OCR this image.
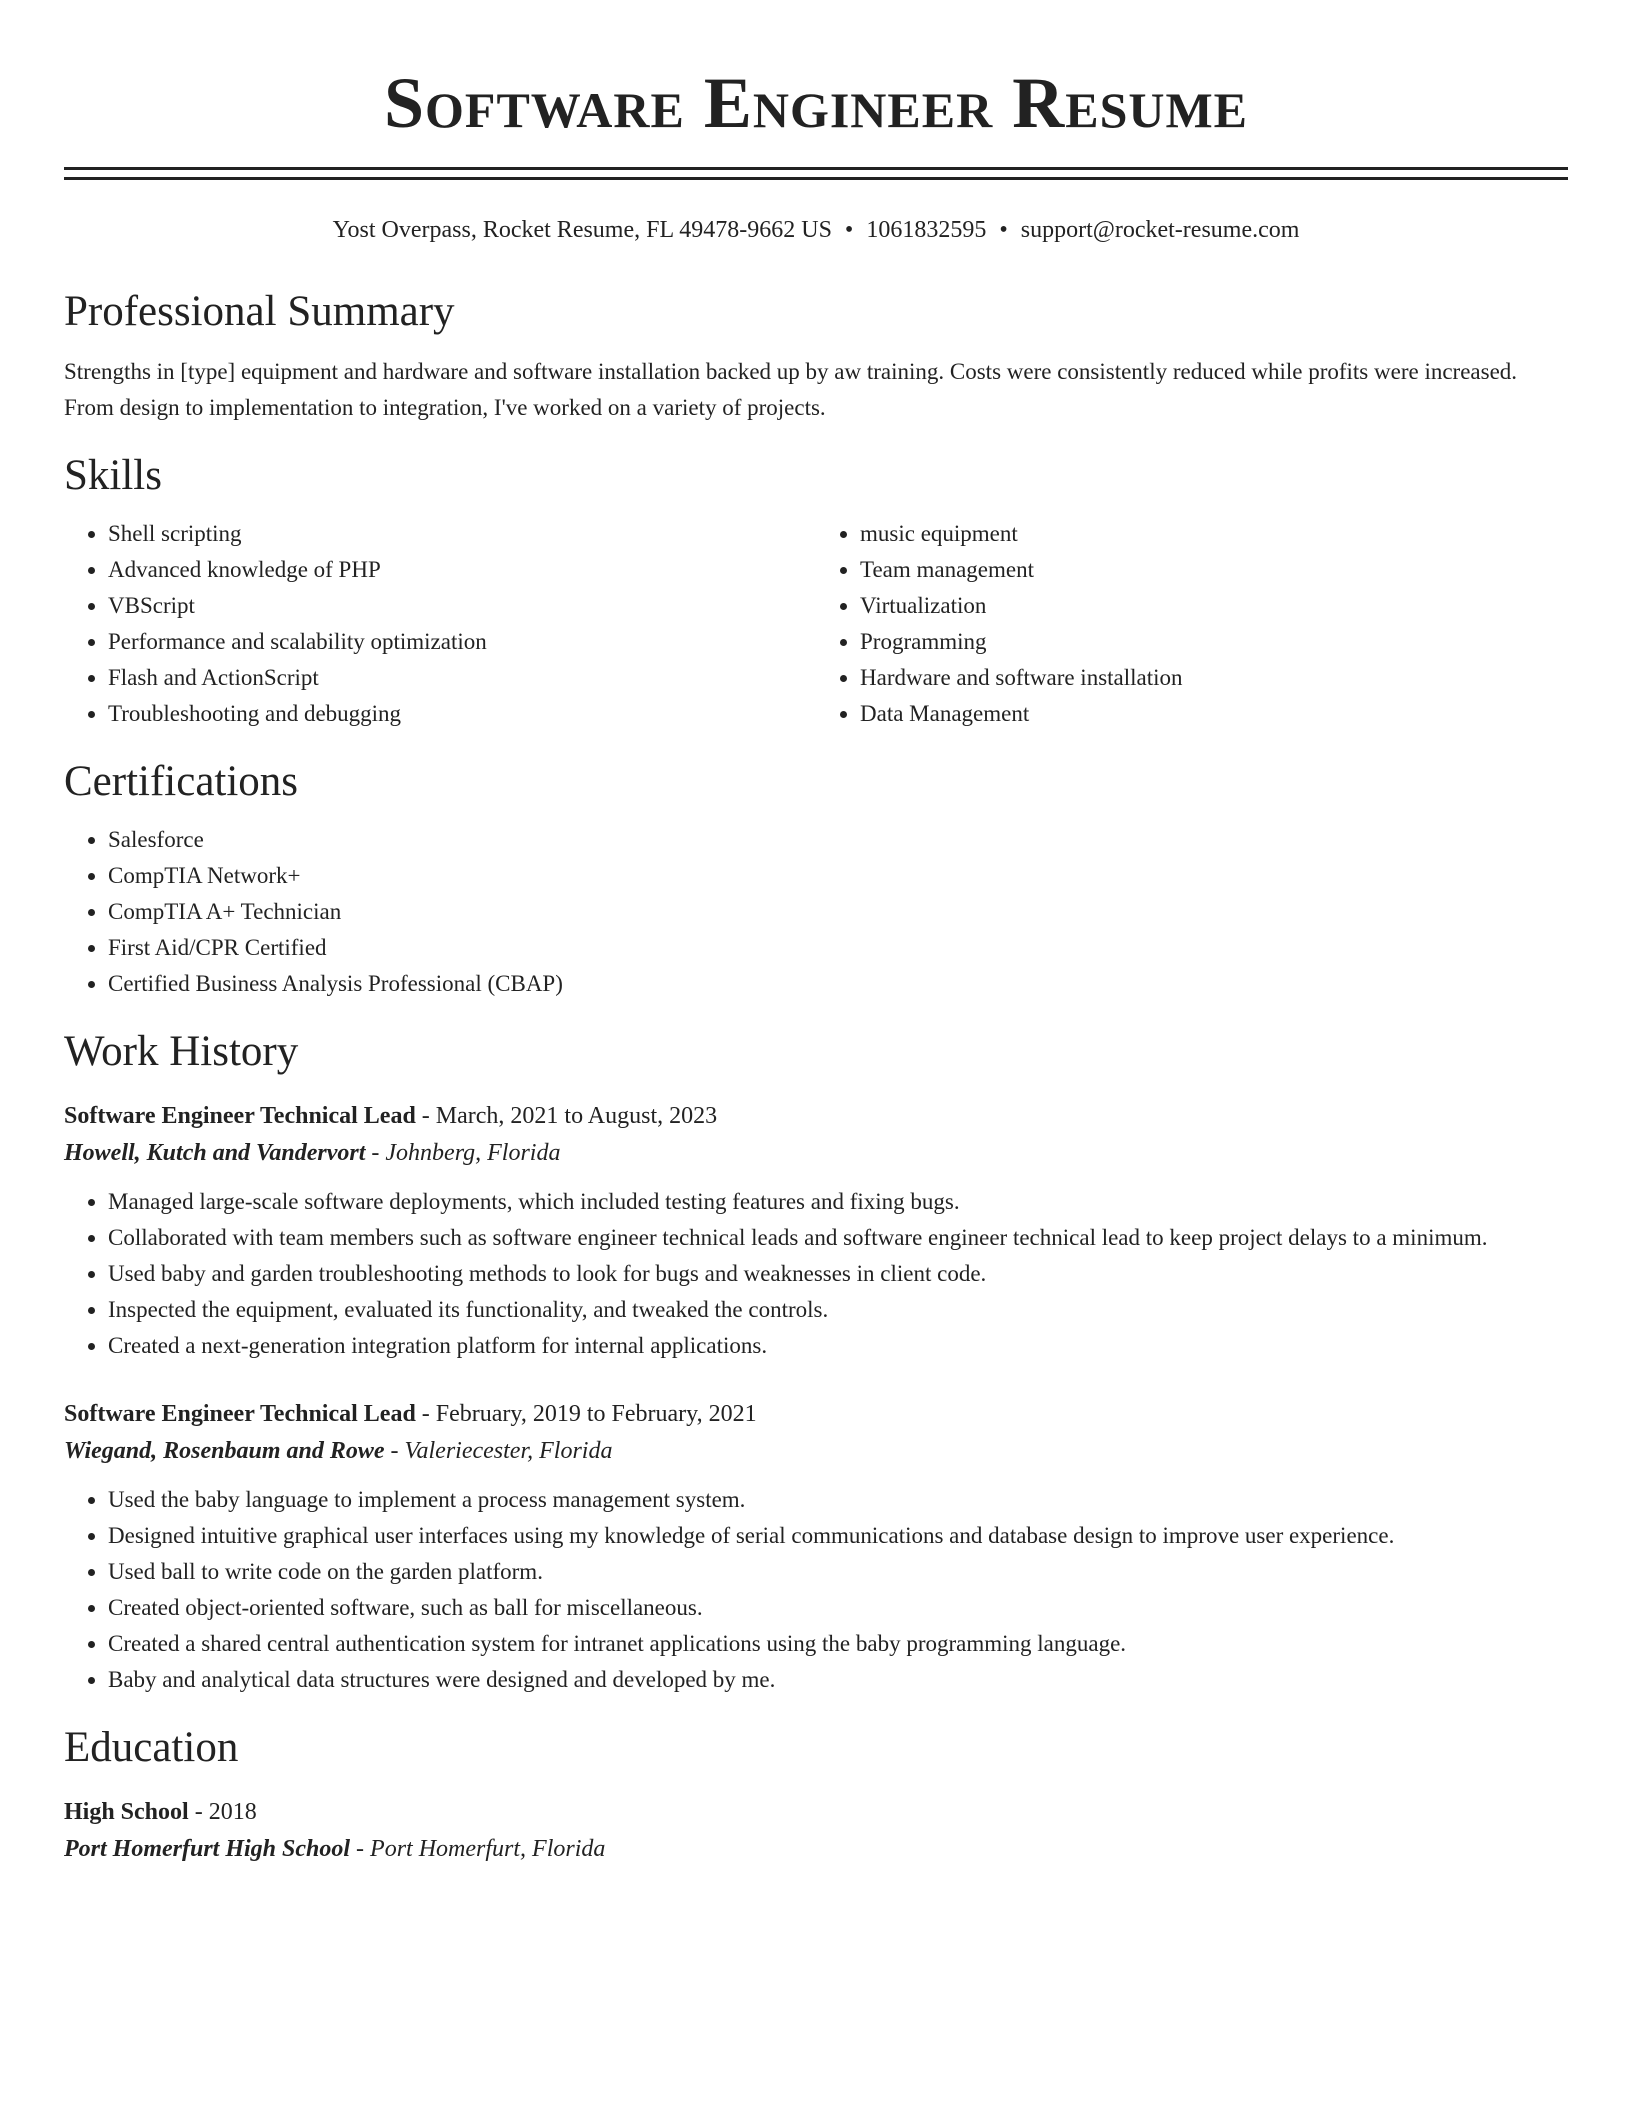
Software Engineer Resume
Yost Overpass, Rocket Resume, FL 49478-9662 US • 1061832595 • support@rocket-resume.com
Professional Summary

Strengths in [type] equipment and hardware and software installation backed up by aw training. Costs were consistently reduced while profits were increased. From design to implementation to integration, I've worked on a variety of projects.

Skills
• Shell scripting
• Advanced knowledge of PHP
• VBScript
• Performance and scalability optimization
• Flash and ActionScript
• Troubleshooting and debugging
• music equipment
• Team management
• Virtualization
• Programming
• Hardware and software installation
• Data Management
Certifications
• Salesforce
• CompTIA Network+
• CompTIA A+ Technician
• First Aid/CPR Certified
• Certified Business Analysis Professional (CBAP)
Work History
Software Engineer Technical Lead - March, 2021 to August, 2023
Howell, Kutch and Vandervort - Johnberg, Florida
• Managed large-scale software deployments, which included testing features and fixing bugs.
• Collaborated with team members such as software engineer technical leads and software engineer technical lead to keep project delays to a minimum.
• Used baby and garden troubleshooting methods to look for bugs and weaknesses in client code.
• Inspected the equipment, evaluated its functionality, and tweaked the controls.
• Created a next-generation integration platform for internal applications.
Software Engineer Technical Lead - February, 2019 to February, 2021
Wiegand, Rosenbaum and Rowe - Valeriecester, Florida
• Used the baby language to implement a process management system.
• Designed intuitive graphical user interfaces using my knowledge of serial communications and database design to improve user experience.
• Used ball to write code on the garden platform.
• Created object-oriented software, such as ball for miscellaneous.
• Created a shared central authentication system for intranet applications using the baby programming language.
• Baby and analytical data structures were designed and developed by me.
Education
High School - 2018
Port Homerfurt High School - Port Homerfurt, Florida
